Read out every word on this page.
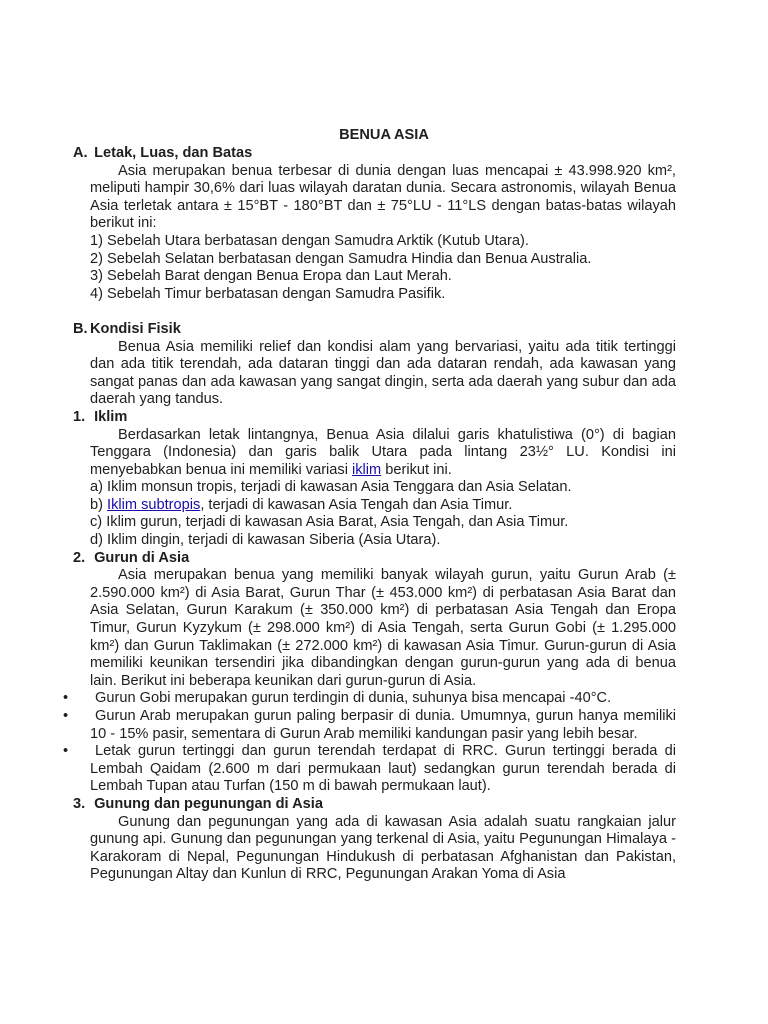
BENUA ASIA
A. Letak, Luas, dan Batas

Asia merupakan benua terbesar di dunia dengan luas mencapai ± 43.998.920 km², meliputi hampir 30,6% dari luas wilayah daratan dunia. Secara astronomis, wilayah Benua Asia terletak antara ± 15°BT - 180°BT dan ± 75°LU - 11°LS dengan batas-batas wilayah berikut ini:

1) Sebelah Utara berbatasan dengan Samudra Arktik (Kutub Utara).

2) Sebelah Selatan berbatasan dengan Samudra Hindia dan Benua Australia.

3) Sebelah Barat dengan Benua Eropa dan Laut Merah.

4) Sebelah Timur berbatasan dengan Samudra Pasifik.

B. Kondisi Fisik

Benua Asia memiliki relief dan kondisi alam yang bervariasi, yaitu ada titik tertinggi dan ada titik terendah, ada dataran tinggi dan ada dataran rendah, ada kawasan yang sangat panas dan ada kawasan yang sangat dingin, serta ada daerah yang subur dan ada daerah yang tandus.

1. Iklim

Berdasarkan letak lintangnya, Benua Asia dilalui garis khatulistiwa (0°) di bagian Tenggara (Indonesia) dan garis balik Utara pada lintang 23½° LU. Kondisi ini menyebabkan benua ini memiliki variasi iklim berikut ini.

a) Iklim monsun tropis, terjadi di kawasan Asia Tenggara dan Asia Selatan.

b) Iklim subtropis, terjadi di kawasan Asia Tengah dan Asia Timur.

c) Iklim gurun, terjadi di kawasan Asia Barat, Asia Tengah, dan Asia Timur.

d) Iklim dingin, terjadi di kawasan Siberia (Asia Utara).

2. Gurun di Asia

Asia merupakan benua yang memiliki banyak wilayah gurun, yaitu Gurun Arab (± 2.590.000 km²) di Asia Barat, Gurun Thar (± 453.000 km²) di perbatasan Asia Barat dan Asia Selatan, Gurun Karakum (± 350.000 km²) di perbatasan Asia Tengah dan Eropa Timur, Gurun Kyzykum (± 298.000 km²) di Asia Tengah, serta Gurun Gobi (± 1.295.000 km²) dan Gurun Taklimakan (± 272.000 km²) di kawasan Asia Timur. Gurun-gurun di Asia memiliki keunikan tersendiri jika dibandingkan dengan gurun-gurun yang ada di benua lain. Berikut ini beberapa keunikan dari gurun-gurun di Asia.

• Gurun Gobi merupakan gurun terdingin di dunia, suhunya bisa mencapai -40°C.

• Gurun Arab merupakan gurun paling berpasir di dunia. Umumnya, gurun hanya memiliki 10 - 15% pasir, sementara di Gurun Arab memiliki kandungan pasir yang lebih besar.

• Letak gurun tertinggi dan gurun terendah terdapat di RRC. Gurun tertinggi berada di Lembah Qaidam (2.600 m dari permukaan laut) sedangkan gurun terendah berada di Lembah Tupan atau Turfan (150 m di bawah permukaan laut).

3. Gunung dan pegunungan di Asia

Gunung dan pegunungan yang ada di kawasan Asia adalah suatu rangkaian jalur gunung api. Gunung dan pegunungan yang terkenal di Asia, yaitu Pegunungan Himalaya - Karakoram di Nepal, Pegunungan Hindukush di perbatasan Afghanistan dan Pakistan, Pegunungan Altay dan Kunlun di RRC, Pegunungan Arakan Yoma di Asia
